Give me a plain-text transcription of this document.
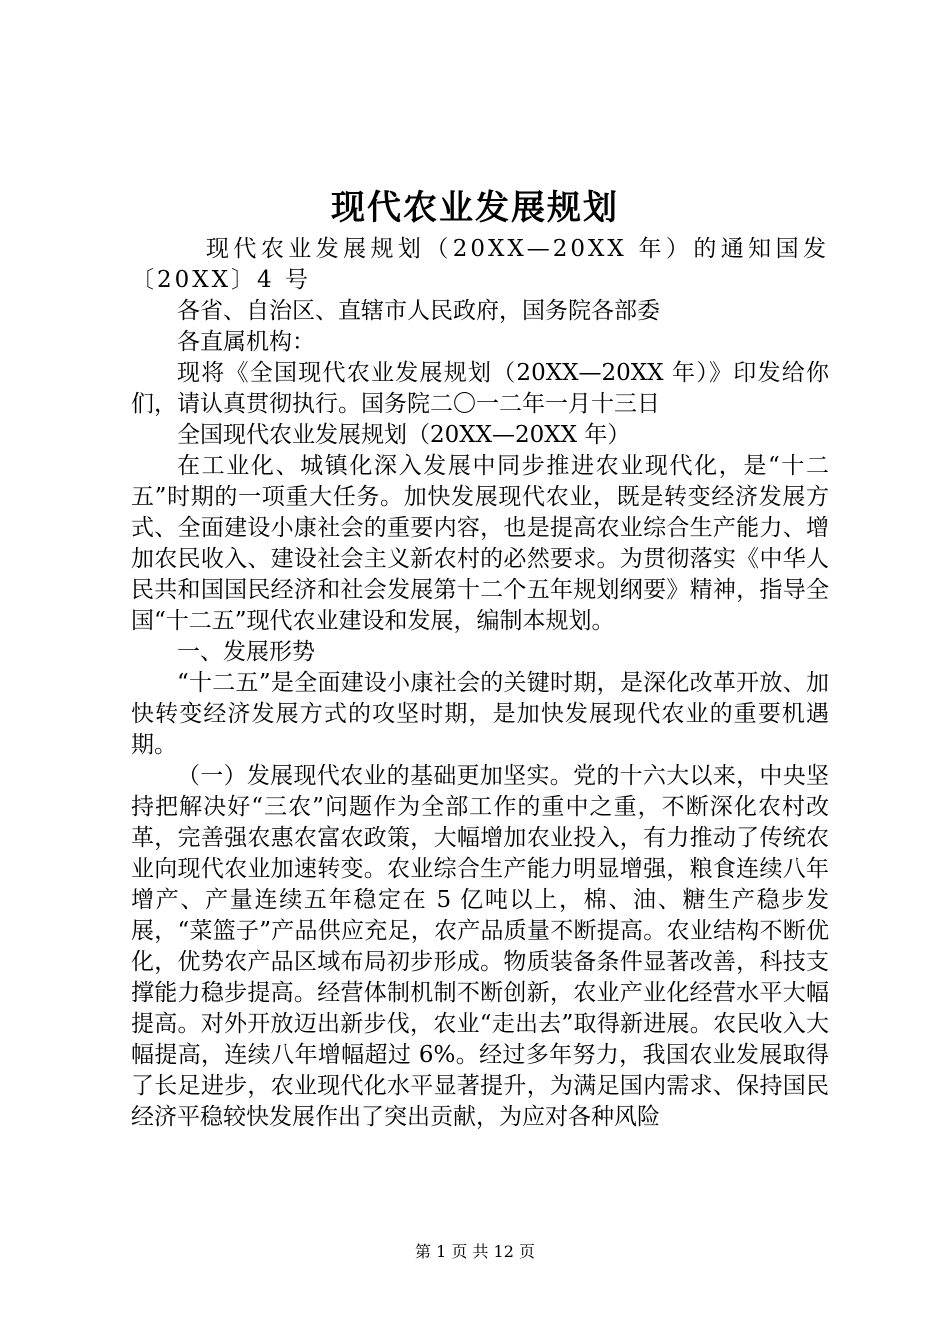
现代农业发展规划

现代农业发展规划（20XX—20XX 年）的通知国发〔20XX〕4 号

各省、自治区、直辖市人民政府，国务院各部委

各直属机构：

现将《全国现代农业发展规划（20XX—20XX 年）》印发给你们，请认真贯彻执行。国务院二〇一二年一月十三日

全国现代农业发展规划（20XX—20XX 年）

在工业化、城镇化深入发展中同步推进农业现代化，是“十二五”时期的一项重大任务。加快发展现代农业，既是转变经济发展方式、全面建设小康社会的重要内容，也是提高农业综合生产能力、增加农民收入、建设社会主义新农村的必然要求。为贯彻落实《中华人民共和国国民经济和社会发展第十二个五年规划纲要》精神，指导全国“十二五”现代农业建设和发展，编制本规划。

一、发展形势

“十二五”是全面建设小康社会的关键时期，是深化改革开放、加快转变经济发展方式的攻坚时期，是加快发展现代农业的重要机遇期。

（一）发展现代农业的基础更加坚实。党的十六大以来，中央坚持把解决好“三农”问题作为全部工作的重中之重，不断深化农村改革，完善强农惠农富农政策，大幅增加农业投入，有力推动了传统农业向现代农业加速转变。农业综合生产能力明显增强，粮食连续八年增产、产量连续五年稳定在 5 亿吨以上，棉、油、糖生产稳步发展，“菜篮子”产品供应充足，农产品质量不断提高。农业结构不断优化，优势农产品区域布局初步形成。物质装备条件显著改善，科技支撑能力稳步提高。经营体制机制不断创新，农业产业化经营水平大幅提高。对外开放迈出新步伐，农业“走出去”取得新进展。农民收入大幅提高，连续八年增幅超过 6%。经过多年努力，我国农业发展取得了长足进步，农业现代化水平显著提升，为满足国内需求、保持国民经济平稳较快发展作出了突出贡献，为应对各种风险

第 1 页 共 12 页
